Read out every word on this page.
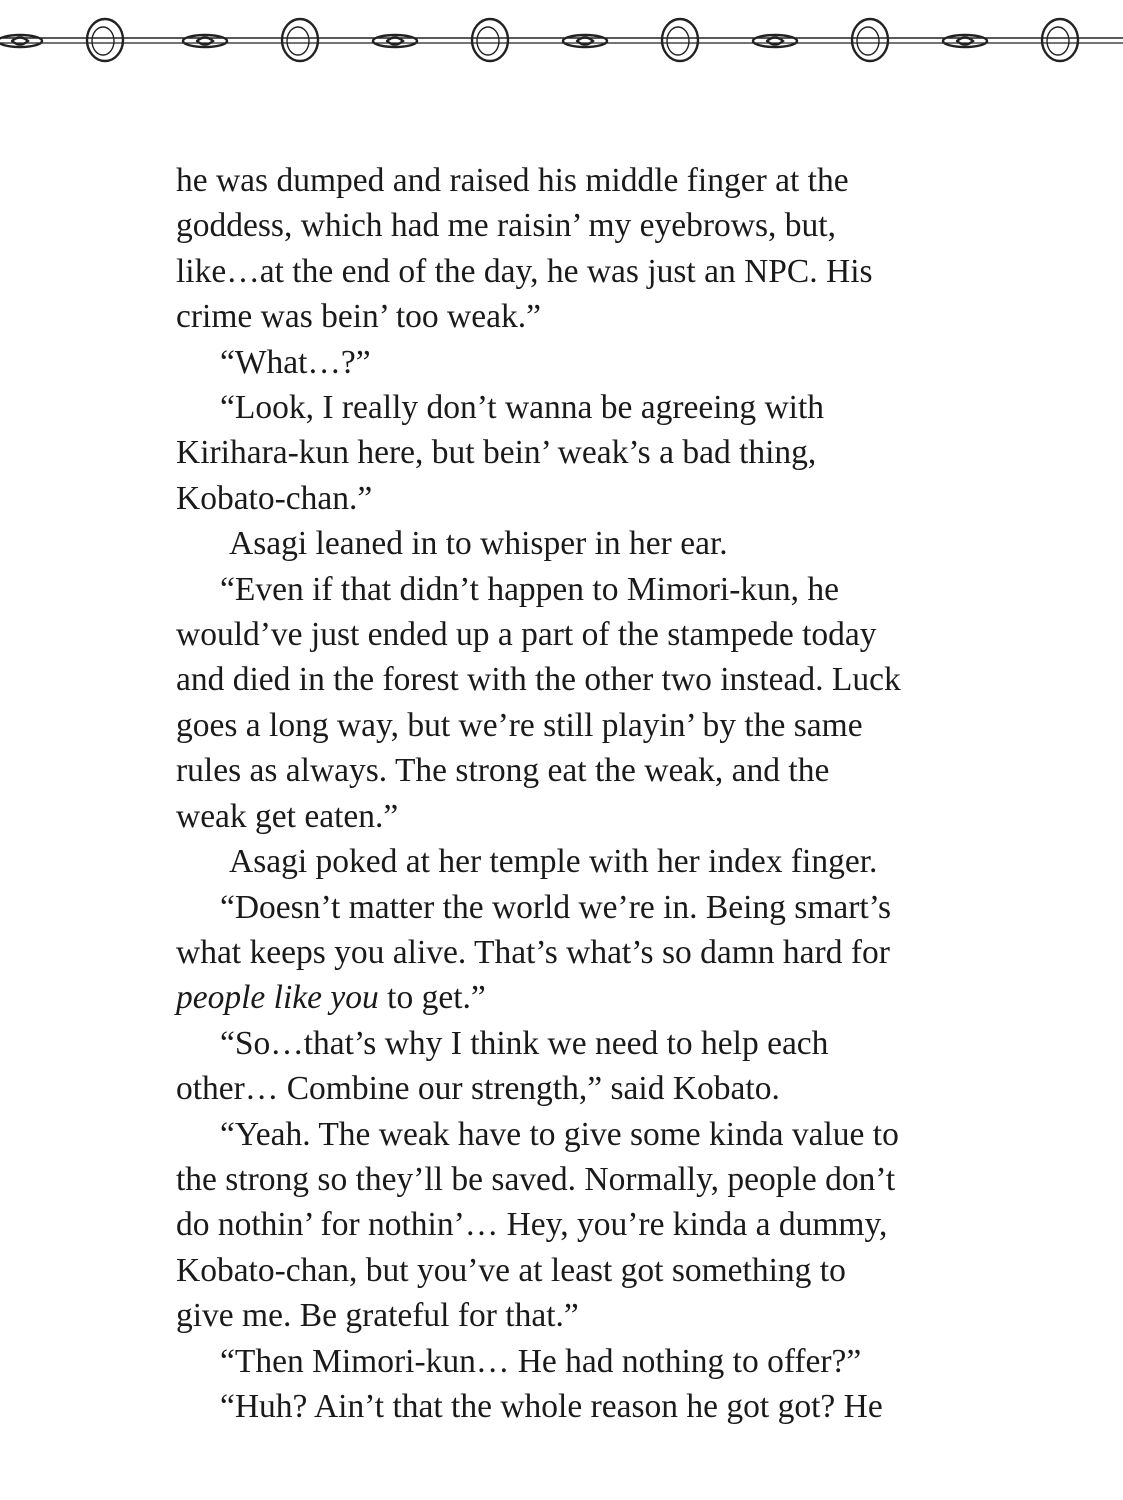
he was dumped and raised his middle finger at the
goddess, which had me raisin’ my eyebrows, but,
like…at the end of the day, he was just an NPC. His
crime was bein’ too weak.”
“What…?”
“Look, I really don’t wanna be agreeing with
Kirihara-kun here, but bein’ weak’s a bad thing,
Kobato-chan.”
Asagi leaned in to whisper in her ear.
“Even if that didn’t happen to Mimori-kun, he
would’ve just ended up a part of the stampede today
and died in the forest with the other two instead. Luck
goes a long way, but we’re still playin’ by the same
rules as always. The strong eat the weak, and the
weak get eaten.”
Asagi poked at her temple with her index finger.
“Doesn’t matter the world we’re in. Being smart’s
what keeps you alive. That’s what’s so damn hard for
people like you to get.”
“So…that’s why I think we need to help each
other… Combine our strength,” said Kobato.
“Yeah. The weak have to give some kinda value to
the strong so they’ll be saved. Normally, people don’t
do nothin’ for nothin’… Hey, you’re kinda a dummy,
Kobato-chan, but you’ve at least got something to
give me. Be grateful for that.”
“Then Mimori-kun… He had nothing to offer?”
“Huh? Ain’t that the whole reason he got got? He
